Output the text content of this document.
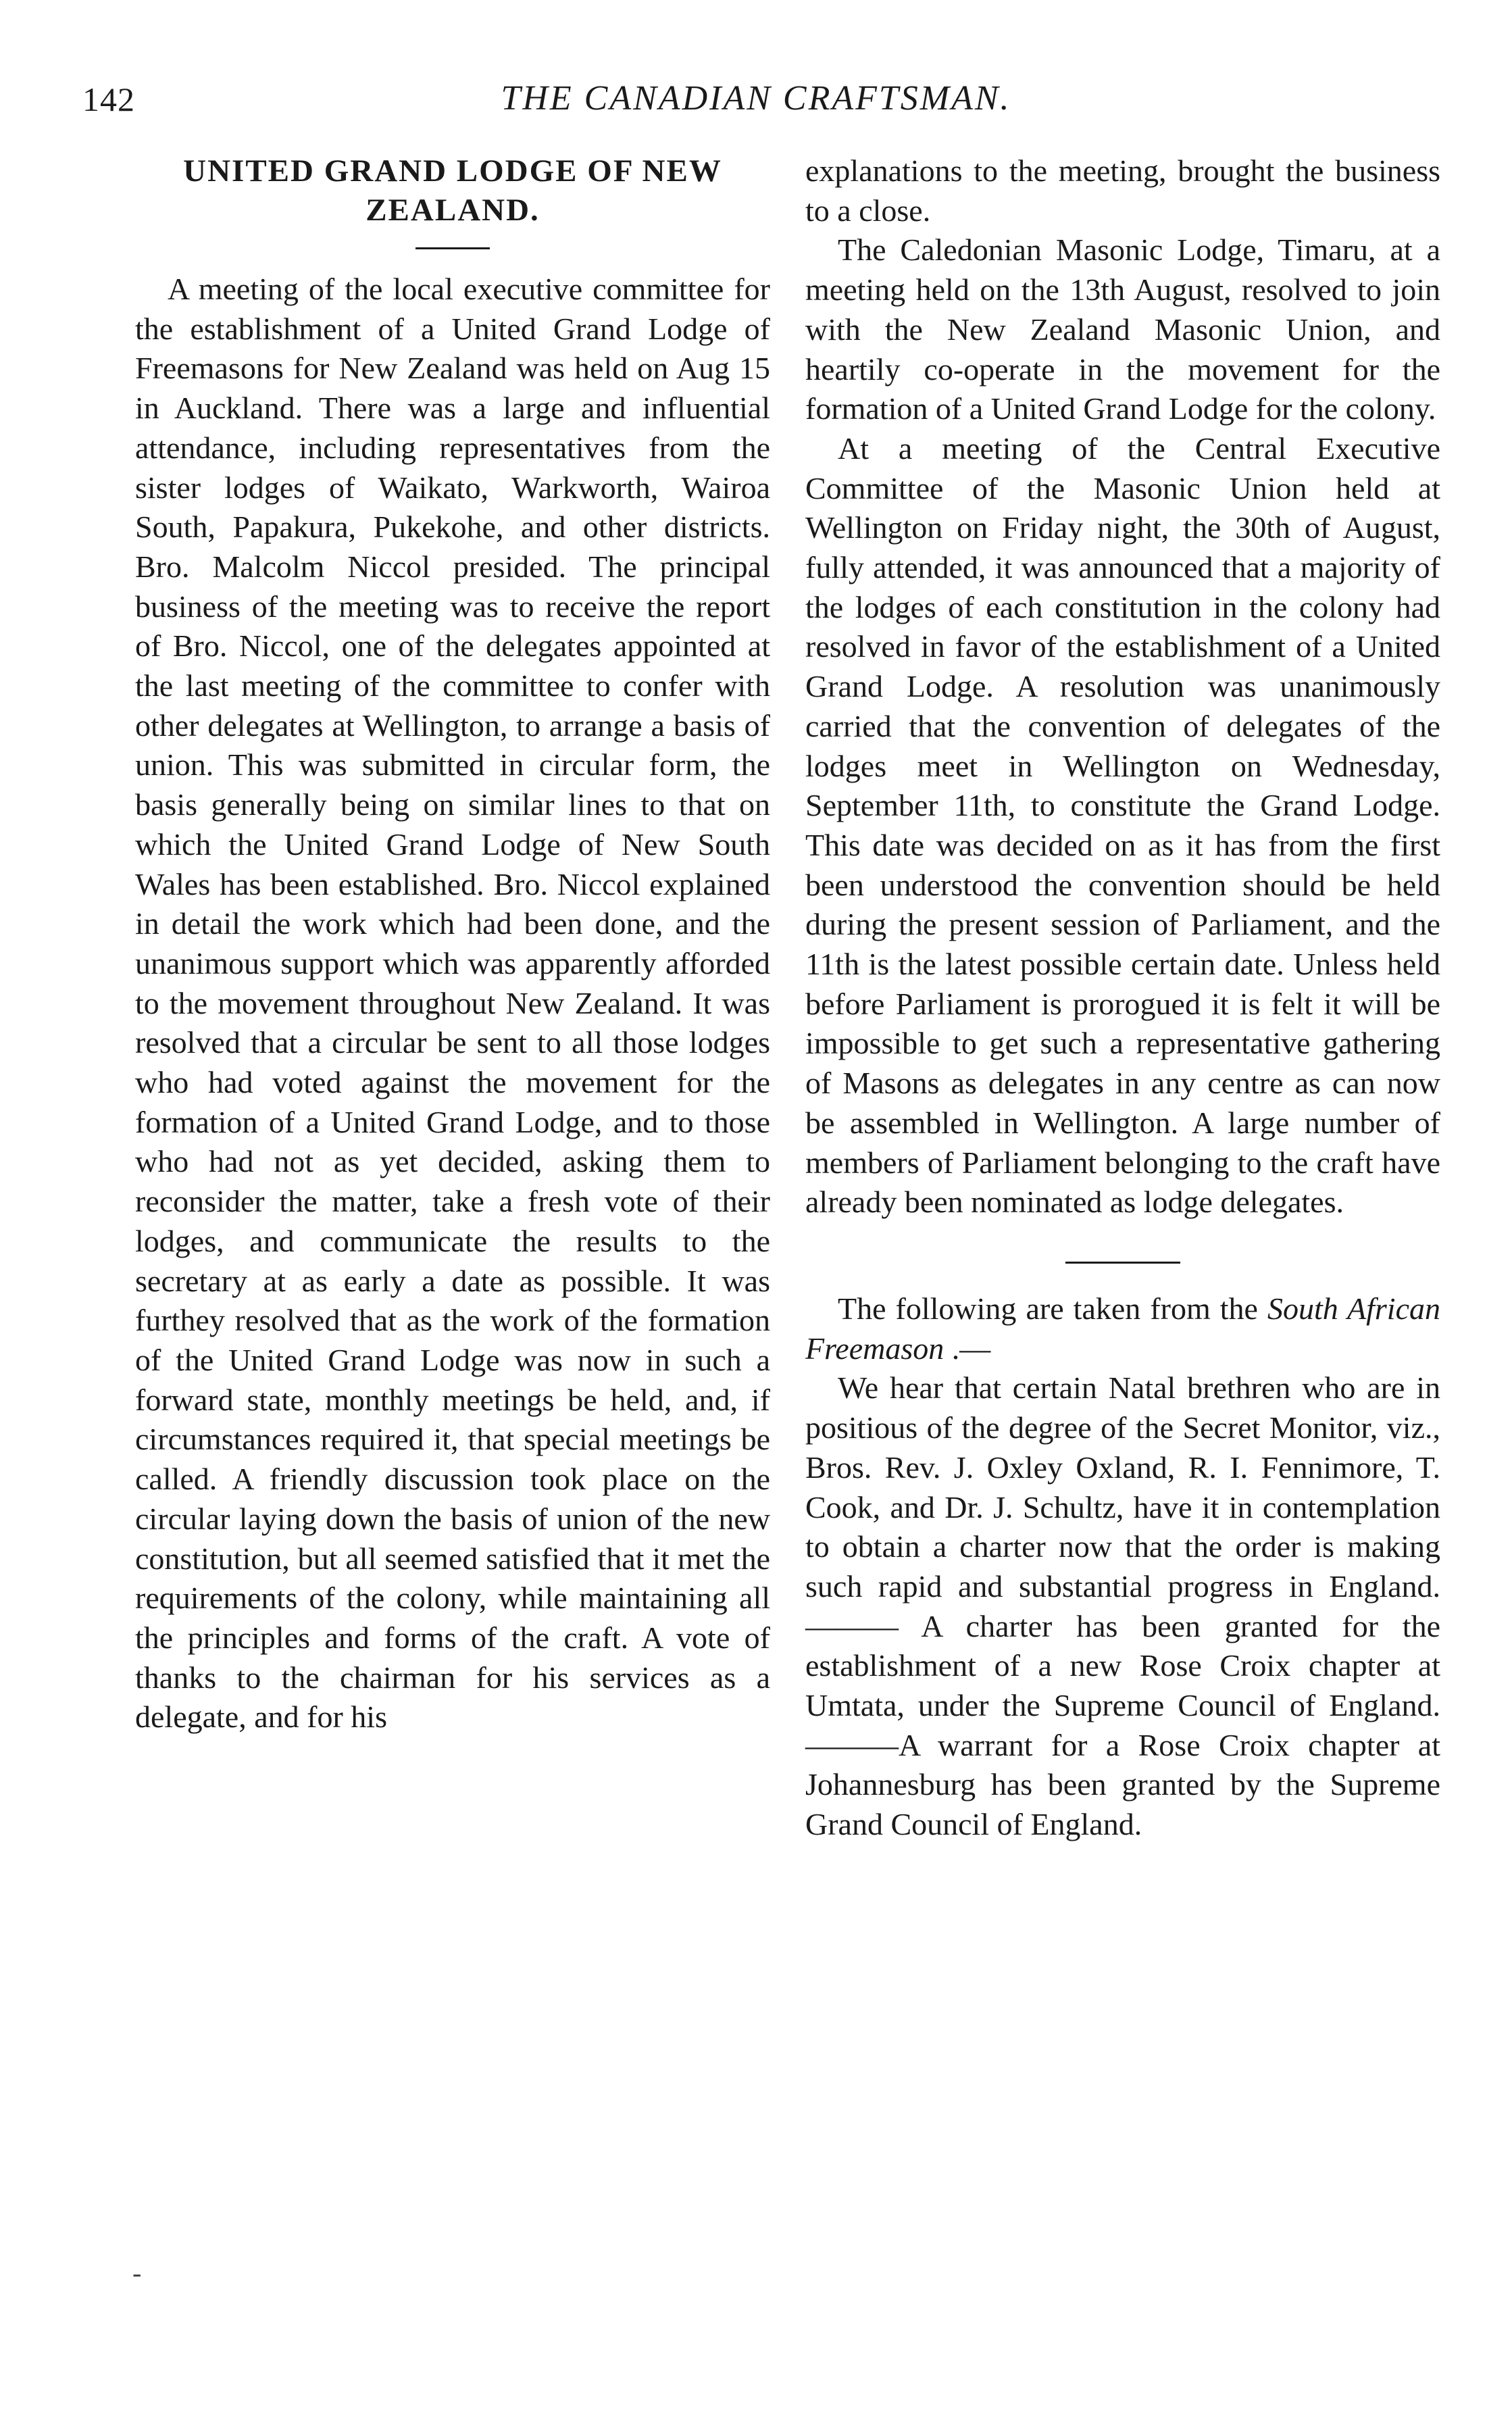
142	THE CANADIAN CRAFTSMAN.
UNITED GRAND LODGE OF NEW ZEALAND.

A meeting of the local executive committee for the establishment of a United Grand Lodge of Freemasons for New Zealand was held on Aug 15 in Auckland. There was a large and influential attendance, including representatives from the sister lodges of Waikato, Warkworth, Wairoa South, Papakura, Pukekohe, and other districts. Bro. Malcolm Niccol presided. The principal business of the meeting was to receive the report of Bro. Niccol, one of the delegates appointed at the last meeting of the committee to confer with other delegates at Wellington, to arrange a basis of union. This was submitted in circular form, the basis generally being on similar lines to that on which the United Grand Lodge of New South Wales has been established. Bro. Niccol explained in detail the work which had been done, and the unanimous support which was apparently afforded to the movement throughout New Zealand. It was resolved that a circular be sent to all those lodges who had voted against the movement for the formation of a United Grand Lodge, and to those who had not as yet decided, asking them to reconsider the matter, take a fresh vote of their lodges, and communicate the results to the secretary at as early a date as possible. It was furthey resolved that as the work of the formation of the United Grand Lodge was now in such a forward state, monthly meetings be held, and, if circumstances required it, that special meetings be called. A friendly discussion took place on the circular laying down the basis of union of the new constitution, but all seemed satisfied that it met the requirements of the colony, while maintaining all the principles and forms of the craft. A vote of thanks to the chairman for his services as a delegate, and for his

explanations to the meeting, brought the business to a close.

The Caledonian Masonic Lodge, Timaru, at a meeting held on the 13th August, resolved to join with the New Zealand Masonic Union, and heartily co-operate in the movement for the formation of a United Grand Lodge for the colony.

At a meeting of the Central Executive Committee of the Masonic Union held at Wellington on Friday night, the 30th of August, fully attended, it was announced that a majority of the lodges of each constitution in the colony had resolved in favor of the establishment of a United Grand Lodge. A resolution was unanimously carried that the convention of delegates of the lodges meet in Wellington on Wednesday, September 11th, to constitute the Grand Lodge. This date was decided on as it has from the first been understood the convention should be held during the present session of Parliament, and the 11th is the latest possible certain date. Unless held before Parliament is prorogued it is felt it will be impossible to get such a representative gathering of Masons as delegates in any centre as can now be assembled in Wellington. A large number of members of Parliament belonging to the craft have already been nominated as lodge delegates.

The following are taken from the South African Freemason .—

We hear that certain Natal brethren who are in positious of the degree of the Secret Monitor, viz., Bros. Rev. J. Oxley Oxland, R. I. Fennimore, T. Cook, and Dr. J. Schultz, have it in contemplation to obtain a charter now that the order is making such rapid and substantial progress in England.——— A charter has been granted for the establishment of a new Rose Croix chapter at Umtata, under the Supreme Council of England.———A warrant for a Rose Croix chapter at Johannesburg has been granted by the Supreme Grand Council of England.

-
